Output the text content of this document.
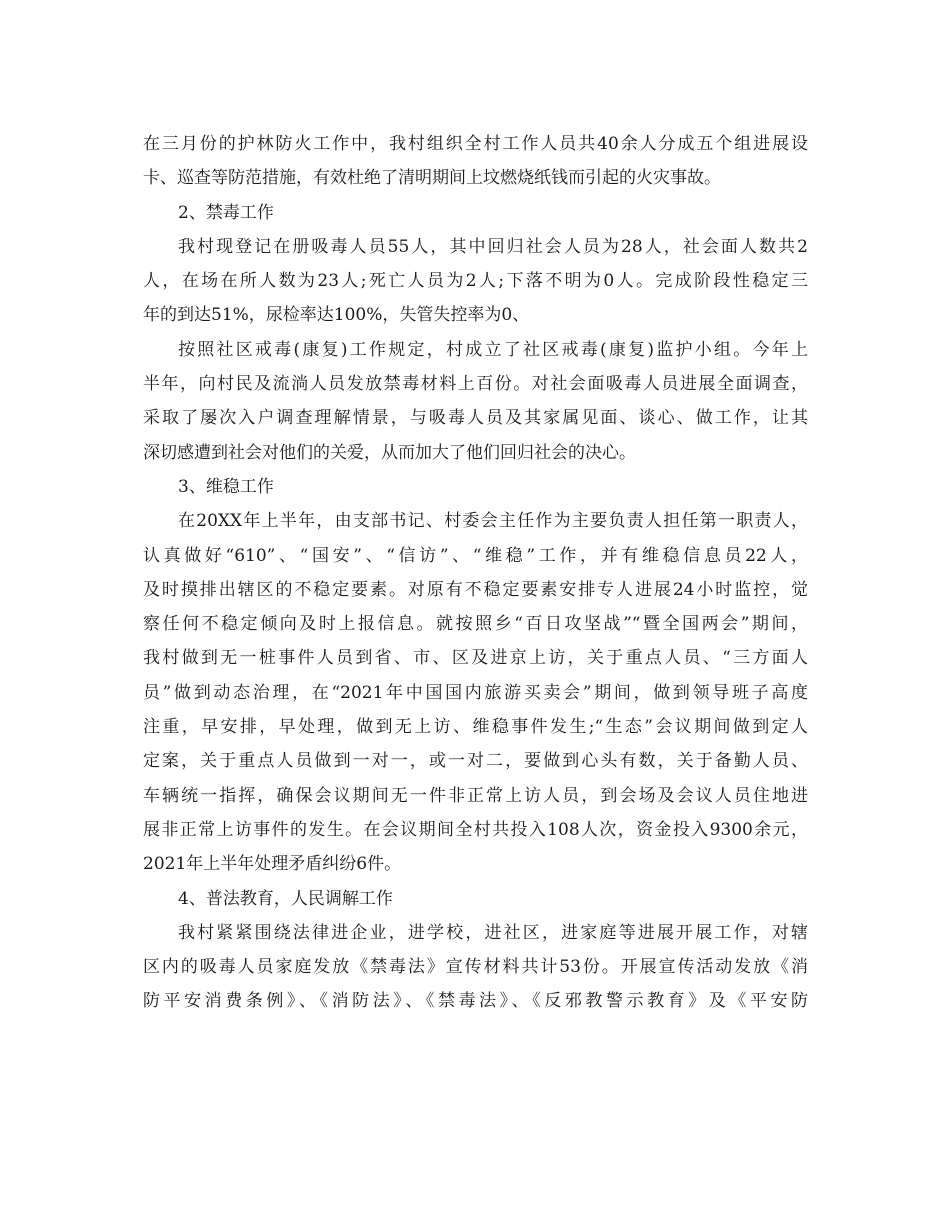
在三月份的护林防火工作中，我村组织全村工作人员共40余人分成五个组进展设
卡、巡查等防范措施，有效杜绝了清明期间上坟燃烧纸钱而引起的火灾事故。
2、禁毒工作
我村现登记在册吸毒人员55人，其中回归社会人员为28人，社会面人数共2
人，在场在所人数为23人;死亡人员为2人;下落不明为0人。完成阶段性稳定三
年的到达51%，尿检率达100%，失管失控率为0、
按照社区戒毒(康复)工作规定，村成立了社区戒毒(康复)监护小组。今年上
半年，向村民及流淌人员发放禁毒材料上百份。对社会面吸毒人员进展全面调查，
采取了屡次入户调查理解情景，与吸毒人员及其家属见面、谈心、做工作，让其
深切感遭到社会对他们的关爱，从而加大了他们回归社会的决心。
3、维稳工作
在20XX年上半年，由支部书记、村委会主任作为主要负责人担任第一职责人，
认真做好“610”、“国安”、“信访”、“维稳”工作，并有维稳信息员22人，
及时摸排出辖区的不稳定要素。对原有不稳定要素安排专人进展24小时监控，觉
察任何不稳定倾向及时上报信息。就按照乡“百日攻坚战”“暨全国两会”期间，
我村做到无一桩事件人员到省、市、区及进京上访，关于重点人员、“三方面人
员”做到动态治理，在“2021年中国国内旅游买卖会”期间，做到领导班子高度
注重，早安排，早处理，做到无上访、维稳事件发生;“生态”会议期间做到定人
定案，关于重点人员做到一对一，或一对二，要做到心头有数，关于备勤人员、
车辆统一指挥，确保会议期间无一件非正常上访人员，到会场及会议人员住地进
展非正常上访事件的发生。在会议期间全村共投入108人次，资金投入9300余元，
2021年上半年处理矛盾纠纷6件。
4、普法教育，人民调解工作
我村紧紧围绕法律进企业，进学校，进社区，进家庭等进展开展工作，对辖
区内的吸毒人员家庭发放《禁毒法》宣传材料共计53份。开展宣传活动发放《消
防平安消费条例》、《消防法》、《禁毒法》、《反邪教警示教育》及《平安防
